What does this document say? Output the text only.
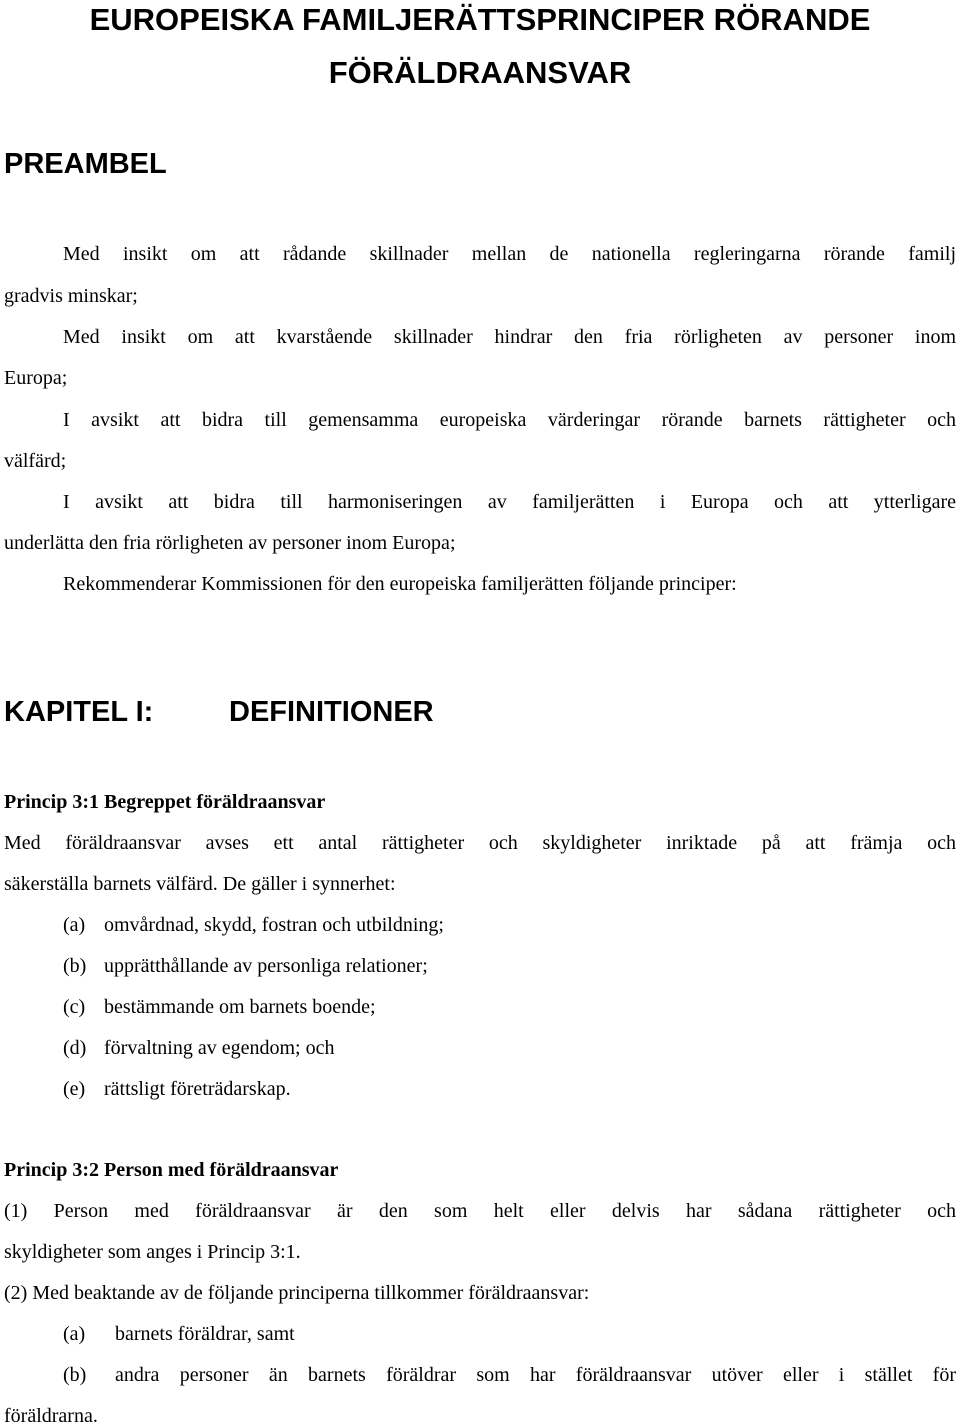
EUROPEISKA FAMILJERÄTTSPRINCIPER RÖRANDE
FÖRÄLDRAANSVAR
PREAMBEL

Med insikt om att rådande skillnader mellan de nationella regleringarna rörande familj

gradvis minskar;

Med insikt om att kvarstående skillnader hindrar den fria rörligheten av personer inom

Europa;

I avsikt att bidra till gemensamma europeiska värderingar rörande barnets rättigheter och

välfärd;

I avsikt att bidra till harmoniseringen av familjerätten i Europa och att ytterligare

underlätta den fria rörligheten av personer inom Europa;

Rekommenderar Kommissionen för den europeiska familjerätten följande principer:

KAPITEL I:	DEFINITIONER

Princip 3:1 Begreppet föräldraansvar

Med föräldraansvar avses ett antal rättigheter och skyldigheter inriktade på att främja och

säkerställa barnets välfärd. De gäller i synnerhet:

(a) omvårdnad, skydd, fostran och utbildning;
(b) upprätthållande av personliga relationer;
(c) bestämmande om barnets boende;
(d) förvaltning av egendom; och
(e) rättsligt företrädarskap.

Princip 3:2 Person med föräldraansvar

(1) Person med föräldraansvar är den som helt eller delvis har sådana rättigheter och

skyldigheter som anges i Princip 3:1.

(2) Med beaktande av de följande principerna tillkommer föräldraansvar:

(a) barnets föräldrar, samt
(b) andra personer än barnets föräldrar som har föräldraansvar utöver eller i stället för
föräldrarna.
